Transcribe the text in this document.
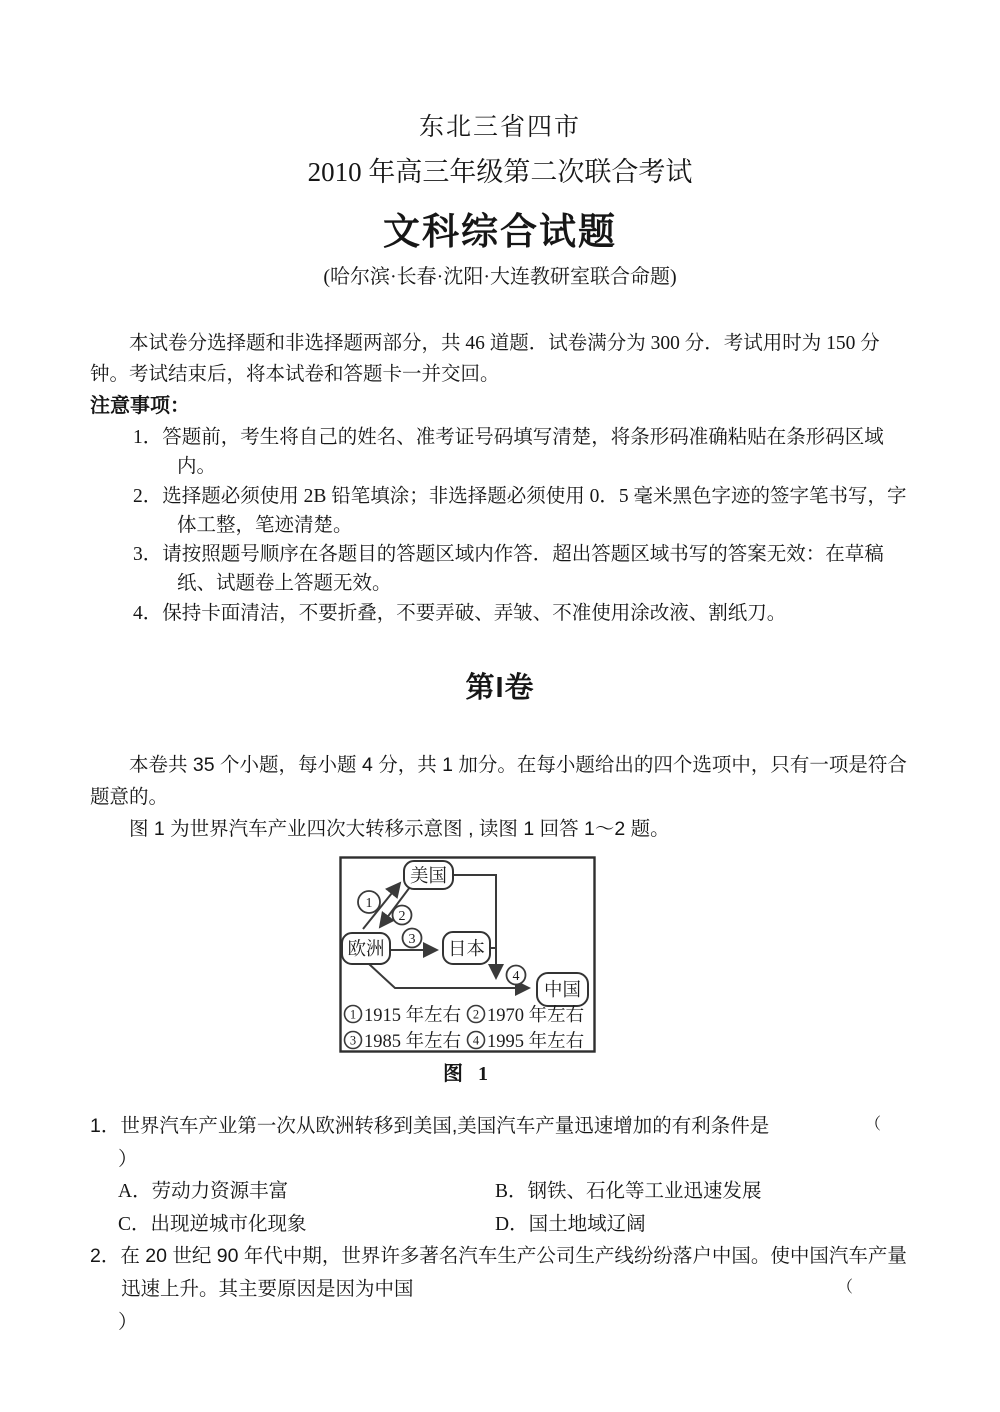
东北三省四市
2010 年高三年级第二次联合考试
文科综合试题
(哈尔滨·长春·沈阳·大连教研室联合命题)

本试卷分选择题和非选择题两部分，共 46 道题．试卷满分为 300 分．考试用时为 150 分钟。考试结束后，将本试卷和答题卡一并交回。

注意事项：
1．答题前，考生将自己的姓名、准考证号码填写清楚，将条形码准确粘贴在条形码区域内。
2．选择题必须使用 2B 铅笔填涂；非选择题必须使用 0．5 毫米黑色字迹的签字笔书写，字体工整，笔迹清楚。
3．请按照题号顺序在各题目的答题区域内作答．超出答题区域书写的答案无效：在草稿纸、试题卷上答题无效。
4．保持卡面清洁，不要折叠，不要弄破、弄皱、不准使用涂改液、割纸刀。
第I卷

本卷共 35 个小题，每小题 4 分，共 1 加分。在每小题给出的四个选项中，只有一项是符合题意的。

图 1 为世界汽车产业四次大转移示意图 , 读图 1 回答 1～2 题。

1
2
3
4
美国
欧洲	日本
中国
1 1915 年左右 2 1970 年左右
3 1985 年左右 4 1995 年左右
图 1
1．世界汽车产业第一次从欧洲转移到美国,美国汽车产量迅速增加的有利条件是	（
）
A．劳动力资源丰富	B．钢铁、石化等工业迅速发展
C．出现逆城市化现象	D．国土地域辽阔
2．在 20 世纪 90 年代中期，世界许多著名汽车生产公司生产线纷纷落户中国。使中国汽车产量迅速上升。其主要原因是因为中国	（
）
